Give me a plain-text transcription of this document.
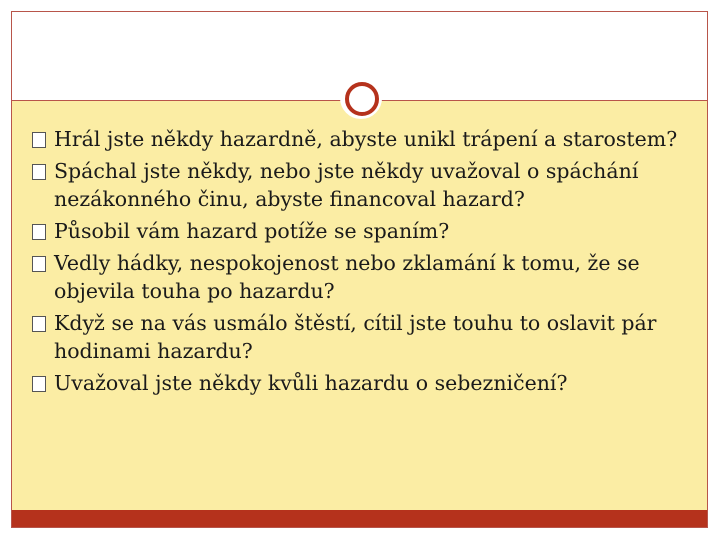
Hrál jste někdy hazardně, abyste unikl trápení a starostem?
Spáchal jste někdy, nebo jste někdy uvažoval o spáchání nezákonného činu, abyste financoval hazard?
Působil vám hazard potíže se spaním?
Vedly hádky, nespokojenost nebo zklamání k tomu, že se objevila touha po hazardu?
Když se na vás usmálo štěstí, cítil jste touhu to oslavit pár hodinami hazardu?
Uvažoval jste někdy kvůli hazardu o sebezničení?
